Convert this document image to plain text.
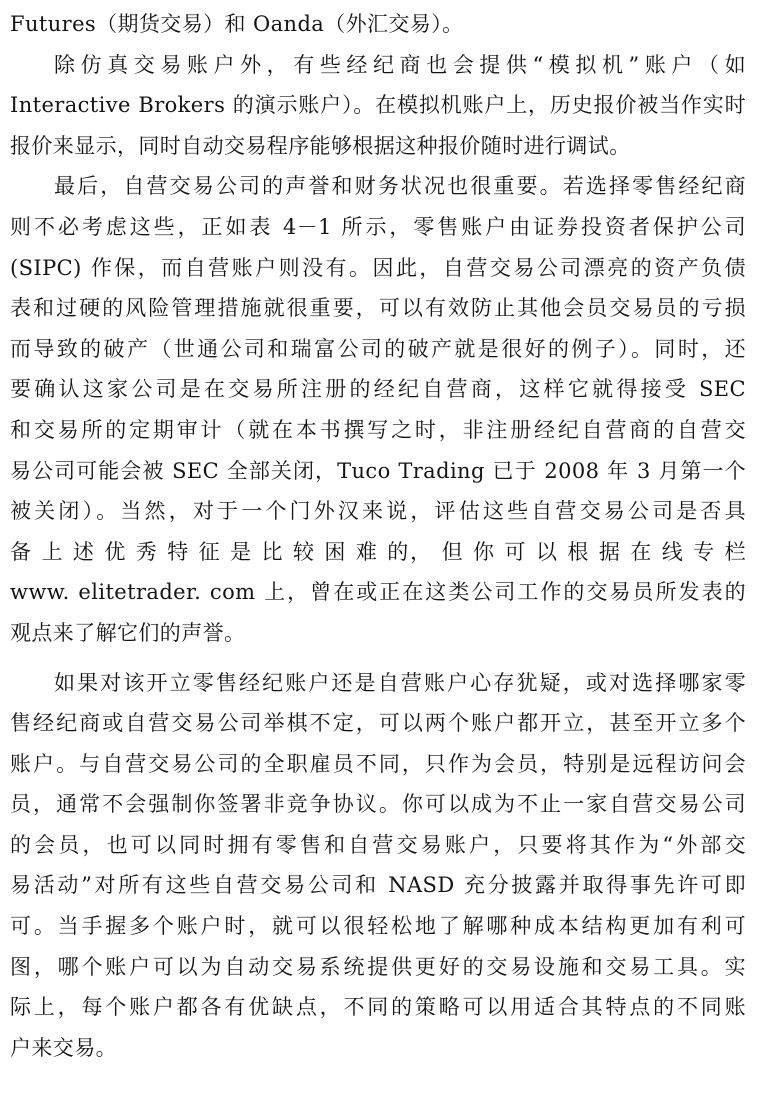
Futures（期货交易）和 Oanda（外汇交易）。
除仿真交易账户外，有些经纪商也会提供“模拟机”账户（如
Interactive Brokers 的演示账户）。在模拟机账户上，历史报价被当作实时
报价来显示，同时自动交易程序能够根据这种报价随时进行调试。
最后，自营交易公司的声誉和财务状况也很重要。若选择零售经纪商
则不必考虑这些，正如表 4－1 所示，零售账户由证券投资者保护公司
(SIPC) 作保，而自营账户则没有。因此，自营交易公司漂亮的资产负债
表和过硬的风险管理措施就很重要，可以有效防止其他会员交易员的亏损
而导致的破产（世通公司和瑞富公司的破产就是很好的例子）。同时，还
要确认这家公司是在交易所注册的经纪自营商，这样它就得接受 SEC
和交易所的定期审计（就在本书撰写之时，非注册经纪自营商的自营交
易公司可能会被 SEC 全部关闭，Tuco Trading 已于 2008 年 3 月第一个
被关闭）。当然，对于一个门外汉来说，评估这些自营交易公司是否具
备 上 述 优 秀 特 征 是 比 较 困 难 的， 但 你 可 以 根 据 在 线 专 栏
www. elitetrader. com 上，曾在或正在这类公司工作的交易员所发表的
观点来了解它们的声誉。
如果对该开立零售经纪账户还是自营账户心存犹疑，或对选择哪家零
售经纪商或自营交易公司举棋不定，可以两个账户都开立，甚至开立多个
账户。与自营交易公司的全职雇员不同，只作为会员，特别是远程访问会
员，通常不会强制你签署非竞争协议。你可以成为不止一家自营交易公司
的会员，也可以同时拥有零售和自营交易账户，只要将其作为“外部交
易活动”对所有这些自营交易公司和 NASD 充分披露并取得事先许可即
可。当手握多个账户时，就可以很轻松地了解哪种成本结构更加有利可
图，哪个账户可以为自动交易系统提供更好的交易设施和交易工具。实
际上，每个账户都各有优缺点，不同的策略可以用适合其特点的不同账
户来交易。
